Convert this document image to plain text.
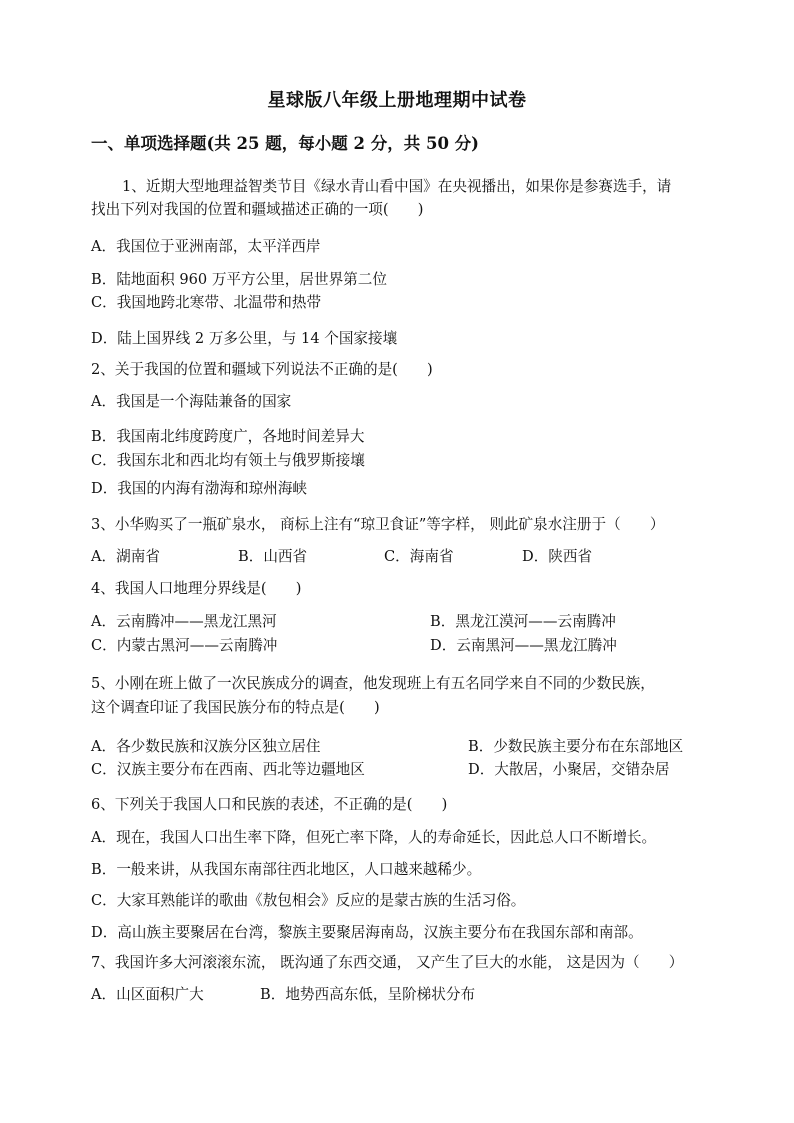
星球版八年级上册地理期中试卷
一、单项选择题(共 25 题，每小题 2 分，共 50 分)
1、近期大型地理益智类节目《绿水青山看中国》在央视播出，如果你是参赛选手，请
找出下列对我国的位置和疆域描述正确的一项(　　)
A．我国位于亚洲南部，太平洋西岸
B．陆地面积 960 万平方公里，居世界第二位
C．我国地跨北寒带、北温带和热带
D．陆上国界线 2 万多公里，与 14 个国家接壤
2、关于我国的位置和疆域下列说法不正确的是(　　)
A．我国是一个海陆兼备的国家
B．我国南北纬度跨度广，各地时间差异大
C．我国东北和西北均有领土与俄罗斯接壤
D．我国的内海有渤海和琼州海峡
3、小华购买了一瓶矿泉水， 商标上注有“琼卫食证”等字样， 则此矿泉水注册于（　　）
A．湖南省	B．山西省	C．海南省	D．陕西省
4、我国人口地理分界线是(　　)
A．云南腾冲——黑龙江黑河	B．黑龙江漠河——云南腾冲
C．内蒙古黑河——云南腾冲	D．云南黑河——黑龙江腾冲
5、小刚在班上做了一次民族成分的调查，他发现班上有五名同学来自不同的少数民族，
这个调查印证了我国民族分布的特点是(　　)
A．各少数民族和汉族分区独立居住	B．少数民族主要分布在东部地区
C．汉族主要分布在西南、西北等边疆地区	D．大散居，小聚居，交错杂居
6、下列关于我国人口和民族的表述，不正确的是(　　)
A．现在，我国人口出生率下降，但死亡率下降，人的寿命延长，因此总人口不断增长。
B．一般来讲，从我国东南部往西北地区，人口越来越稀少。
C．大家耳熟能详的歌曲《敖包相会》反应的是蒙古族的生活习俗。
D．高山族主要聚居在台湾，黎族主要聚居海南岛，汉族主要分布在我国东部和南部。
7、我国许多大河滚滚东流， 既沟通了东西交通， 又产生了巨大的水能， 这是因为（　　）
A．山区面积广大	B．地势西高东低，呈阶梯状分布
